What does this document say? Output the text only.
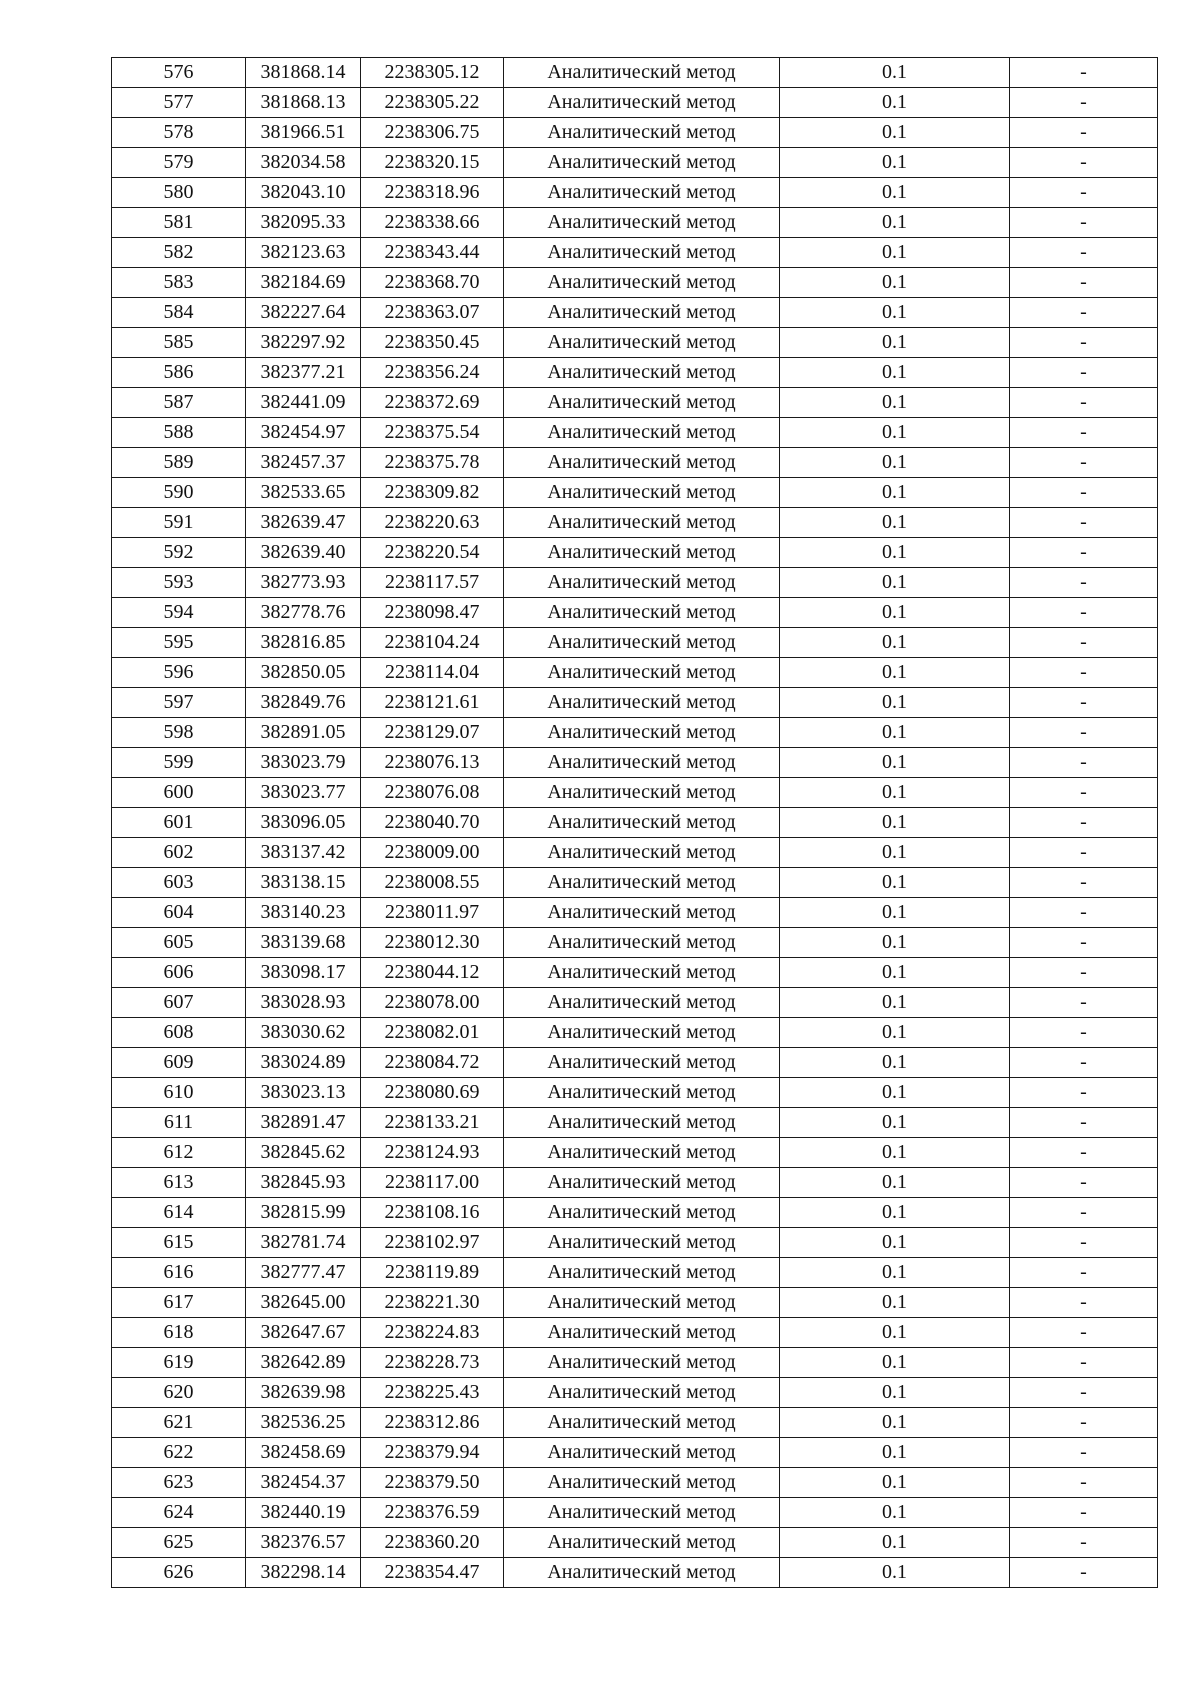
576	381868.14	2238305.12	Аналитический метод	0.1	-
577	381868.13	2238305.22	Аналитический метод	0.1	-
578	381966.51	2238306.75	Аналитический метод	0.1	-
579	382034.58	2238320.15	Аналитический метод	0.1	-
580	382043.10	2238318.96	Аналитический метод	0.1	-
581	382095.33	2238338.66	Аналитический метод	0.1	-
582	382123.63	2238343.44	Аналитический метод	0.1	-
583	382184.69	2238368.70	Аналитический метод	0.1	-
584	382227.64	2238363.07	Аналитический метод	0.1	-
585	382297.92	2238350.45	Аналитический метод	0.1	-
586	382377.21	2238356.24	Аналитический метод	0.1	-
587	382441.09	2238372.69	Аналитический метод	0.1	-
588	382454.97	2238375.54	Аналитический метод	0.1	-
589	382457.37	2238375.78	Аналитический метод	0.1	-
590	382533.65	2238309.82	Аналитический метод	0.1	-
591	382639.47	2238220.63	Аналитический метод	0.1	-
592	382639.40	2238220.54	Аналитический метод	0.1	-
593	382773.93	2238117.57	Аналитический метод	0.1	-
594	382778.76	2238098.47	Аналитический метод	0.1	-
595	382816.85	2238104.24	Аналитический метод	0.1	-
596	382850.05	2238114.04	Аналитический метод	0.1	-
597	382849.76	2238121.61	Аналитический метод	0.1	-
598	382891.05	2238129.07	Аналитический метод	0.1	-
599	383023.79	2238076.13	Аналитический метод	0.1	-
600	383023.77	2238076.08	Аналитический метод	0.1	-
601	383096.05	2238040.70	Аналитический метод	0.1	-
602	383137.42	2238009.00	Аналитический метод	0.1	-
603	383138.15	2238008.55	Аналитический метод	0.1	-
604	383140.23	2238011.97	Аналитический метод	0.1	-
605	383139.68	2238012.30	Аналитический метод	0.1	-
606	383098.17	2238044.12	Аналитический метод	0.1	-
607	383028.93	2238078.00	Аналитический метод	0.1	-
608	383030.62	2238082.01	Аналитический метод	0.1	-
609	383024.89	2238084.72	Аналитический метод	0.1	-
610	383023.13	2238080.69	Аналитический метод	0.1	-
611	382891.47	2238133.21	Аналитический метод	0.1	-
612	382845.62	2238124.93	Аналитический метод	0.1	-
613	382845.93	2238117.00	Аналитический метод	0.1	-
614	382815.99	2238108.16	Аналитический метод	0.1	-
615	382781.74	2238102.97	Аналитический метод	0.1	-
616	382777.47	2238119.89	Аналитический метод	0.1	-
617	382645.00	2238221.30	Аналитический метод	0.1	-
618	382647.67	2238224.83	Аналитический метод	0.1	-
619	382642.89	2238228.73	Аналитический метод	0.1	-
620	382639.98	2238225.43	Аналитический метод	0.1	-
621	382536.25	2238312.86	Аналитический метод	0.1	-
622	382458.69	2238379.94	Аналитический метод	0.1	-
623	382454.37	2238379.50	Аналитический метод	0.1	-
624	382440.19	2238376.59	Аналитический метод	0.1	-
625	382376.57	2238360.20	Аналитический метод	0.1	-
626	382298.14	2238354.47	Аналитический метод	0.1	-
